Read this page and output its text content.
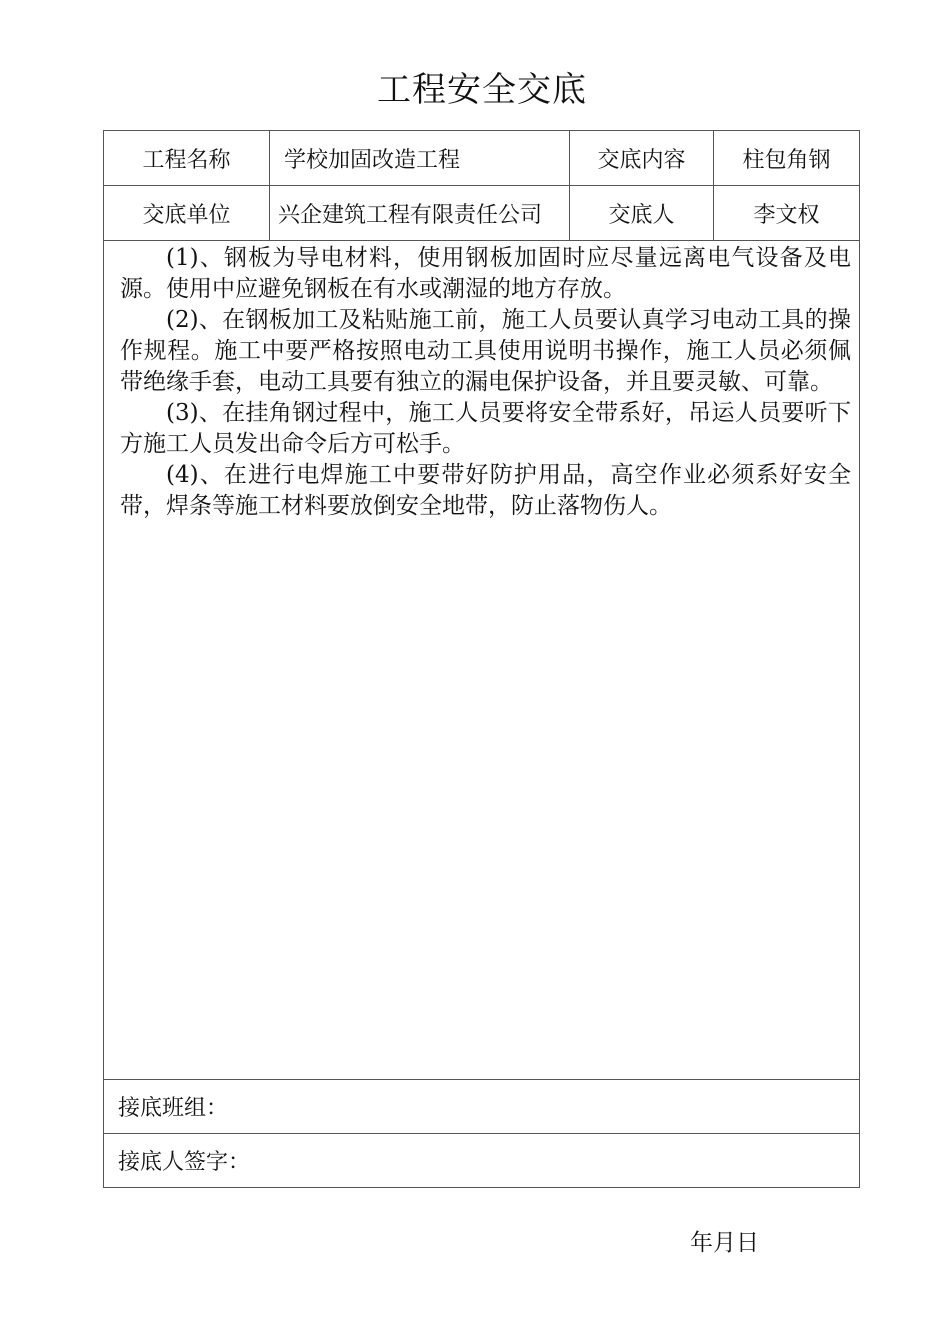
工程安全交底
工程名称	学校加固改造工程	交底内容	柱包角钢
交底单位	兴企建筑工程有限责任公司	交底人	李文权

(1)、钢板为导电材料，使用钢板加固时应尽量远离电气设备及电源。使用中应避免钢板在有水或潮湿的地方存放。

(2)、在钢板加工及粘贴施工前，施工人员要认真学习电动工具的操作规程。施工中要严格按照电动工具使用说明书操作，施工人员必须佩带绝缘手套，电动工具要有独立的漏电保护设备，并且要灵敏、可靠。

(3)、在挂角钢过程中，施工人员要将安全带系好，吊运人员要听下方施工人员发出命令后方可松手。

(4)、在进行电焊施工中要带好防护用品，高空作业必须系好安全带，焊条等施工材料要放倒安全地带，防止落物伤人。			

接底班组：			
接底人签字：			
年月日
